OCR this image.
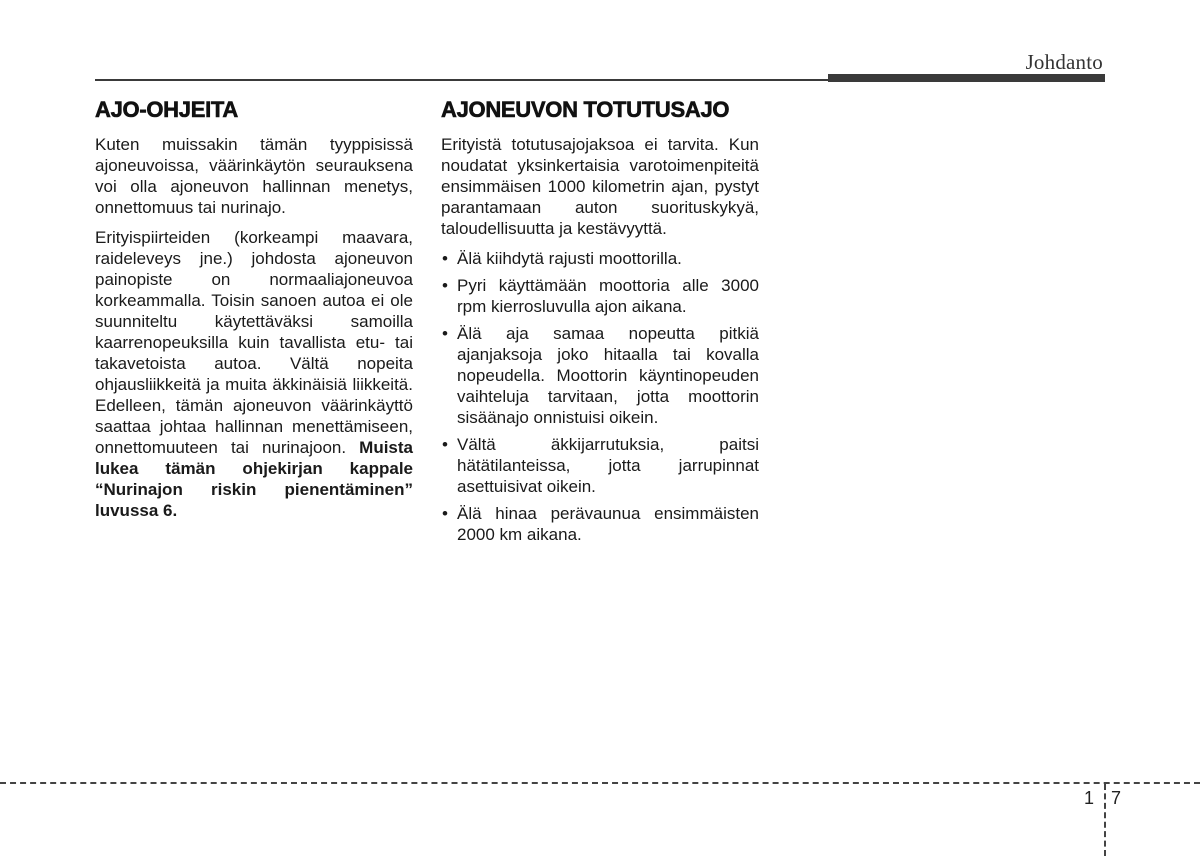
Johdanto
AJO-OHJEITA

Kuten muissakin tämän tyyppisissä ajoneuvoissa, väärinkäytön seurauksena voi olla ajoneuvon hallinnan menetys, onnettomuus tai nurinajo.

Erityispiirteiden (korkeampi maavara, raideleveys jne.) johdosta ajoneuvon painopiste on normaaliajoneuvoa korkeammalla. Toisin sanoen autoa ei ole suunniteltu käytettäväksi samoilla kaarrenopeuksilla kuin tavallista etu- tai takavetoista autoa. Vältä nopeita ohjausliikkeitä ja muita äkkinäisiä liikkeitä. Edelleen, tämän ajoneuvon väärinkäyttö saattaa johtaa hallinnan menettämiseen, onnettomuuteen tai nurinajoon. Muista lukea tämän ohjekirjan kappale “Nurinajon riskin pienentäminen” luvussa 6.

AJONEUVON TOTUTUSAJO

Erityistä totutusajojaksoa ei tarvita. Kun noudatat yksinkertaisia varotoimenpiteitä ensimmäisen 1000 kilometrin ajan, pystyt parantamaan auton suorituskykyä, taloudellisuutta ja kestävyyttä.

• Älä kiihdytä rajusti moottorilla.
• Pyri käyttämään moottoria alle 3000 rpm kierrosluvulla ajon aikana.
• Älä aja samaa nopeutta pitkiä ajanjaksoja joko hitaalla tai kovalla nopeudella. Moottorin käyntinopeuden vaihteluja tarvitaan, jotta moottorin sisäänajo onnistuisi oikein.
• Vältä äkkijarrutuksia, paitsi hätätilanteissa, jotta jarrupinnat asettuisivat oikein.
• Älä hinaa perävaunua ensimmäisten 2000 km aikana.
1 7
